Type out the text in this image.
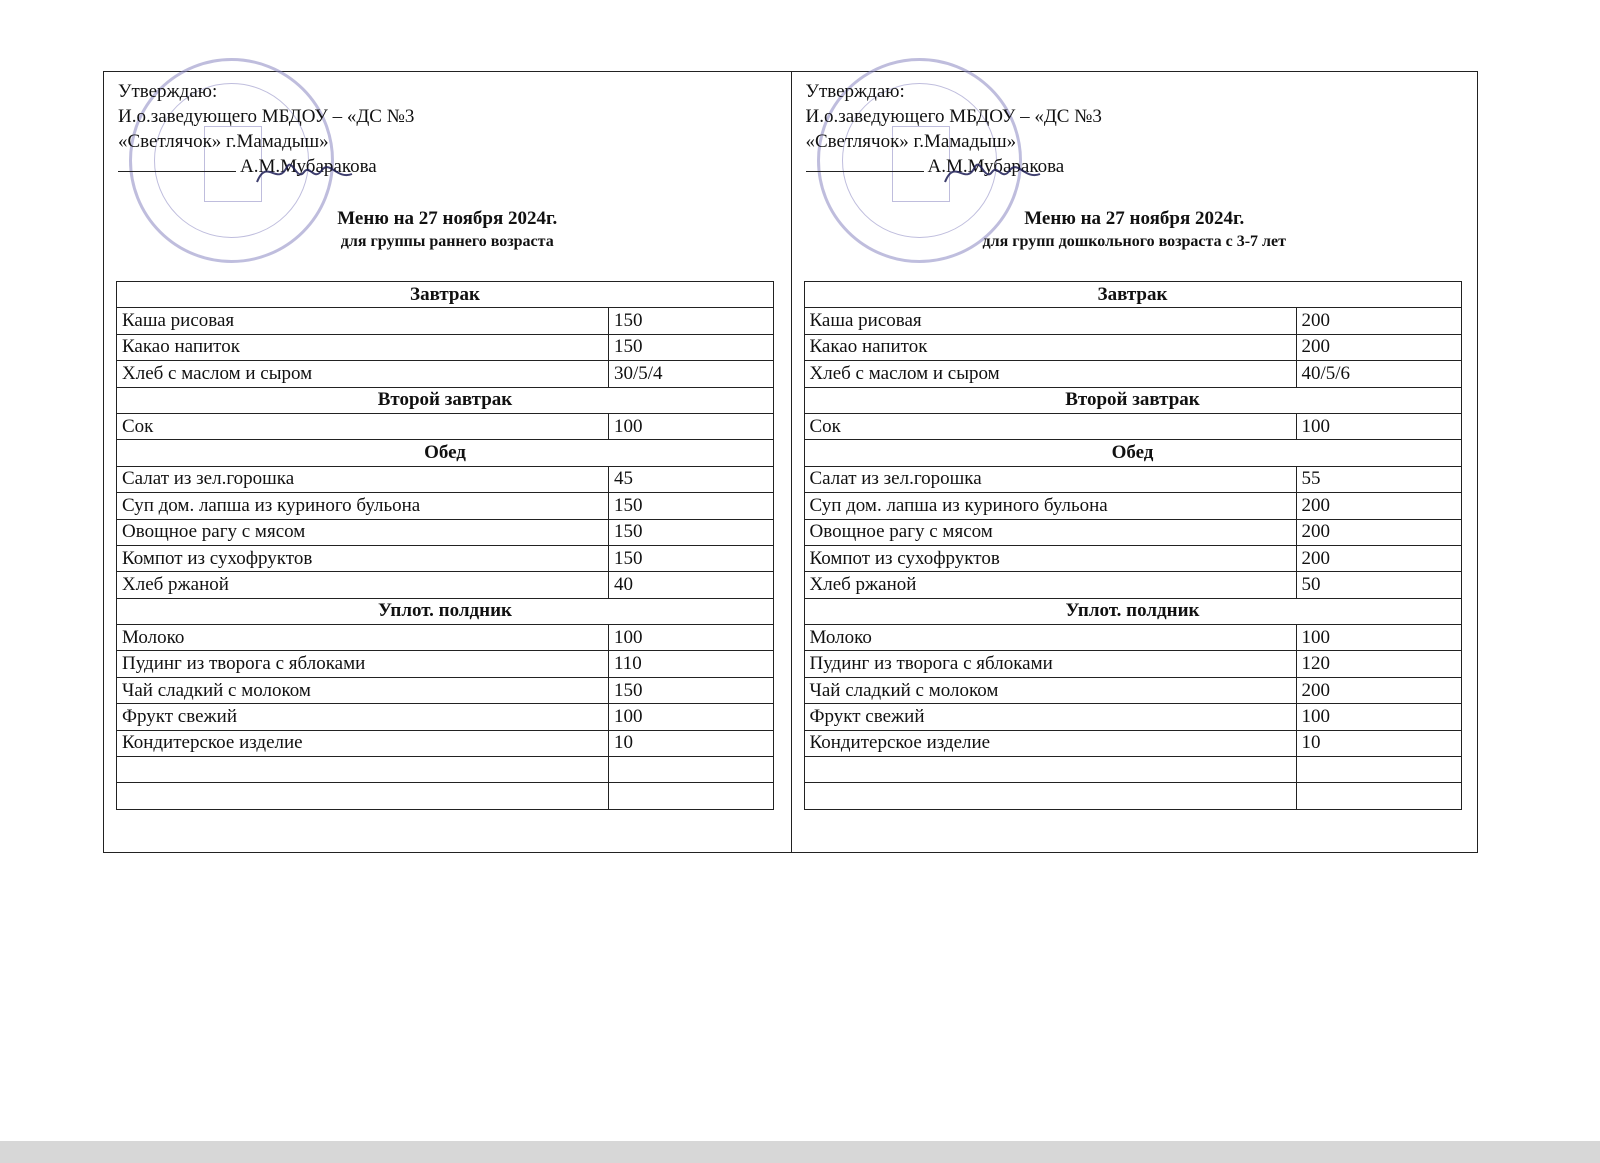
Утверждаю:
И.о.заведующего МБДОУ – «ДС №3
«Светлячок» г.Мамадыш»
А.М.Мубаракова
Меню на 27 ноября 2024г.
для группы раннего возраста
Завтрак	
Каша рисовая	150
Какао напиток	150
Хлеб с маслом и сыром	30/5/4
Второй завтрак	
Сок	100
Обед	
Салат из зел.горошка	45
Суп дом. лапша из куриного бульона	150
Овощное рагу с мясом	150
Компот из сухофруктов	150
Хлеб ржаной	40
Уплот. полдник	
Молоко	100
Пудинг из творога с яблоками	110
Чай сладкий с молоком	150
Фрукт свежий	100
Кондитерское изделие	10

Утверждаю:
И.о.заведующего МБДОУ – «ДС №3
«Светлячок» г.Мамадыш»
А.М.Мубаракова
Меню на 27 ноября 2024г.
для групп дошкольного возраста с 3-7 лет
Завтрак	
Каша рисовая	200
Какао напиток	200
Хлеб с маслом и сыром	40/5/6
Второй завтрак	
Сок	100
Обед	
Салат из зел.горошка	55
Суп дом. лапша из куриного бульона	200
Овощное рагу с мясом	200
Компот из сухофруктов	200
Хлеб ржаной	50
Уплот. полдник	
Молоко	100
Пудинг из творога с яблоками	120
Чай сладкий с молоком	200
Фрукт свежий	100
Кондитерское изделие	10
